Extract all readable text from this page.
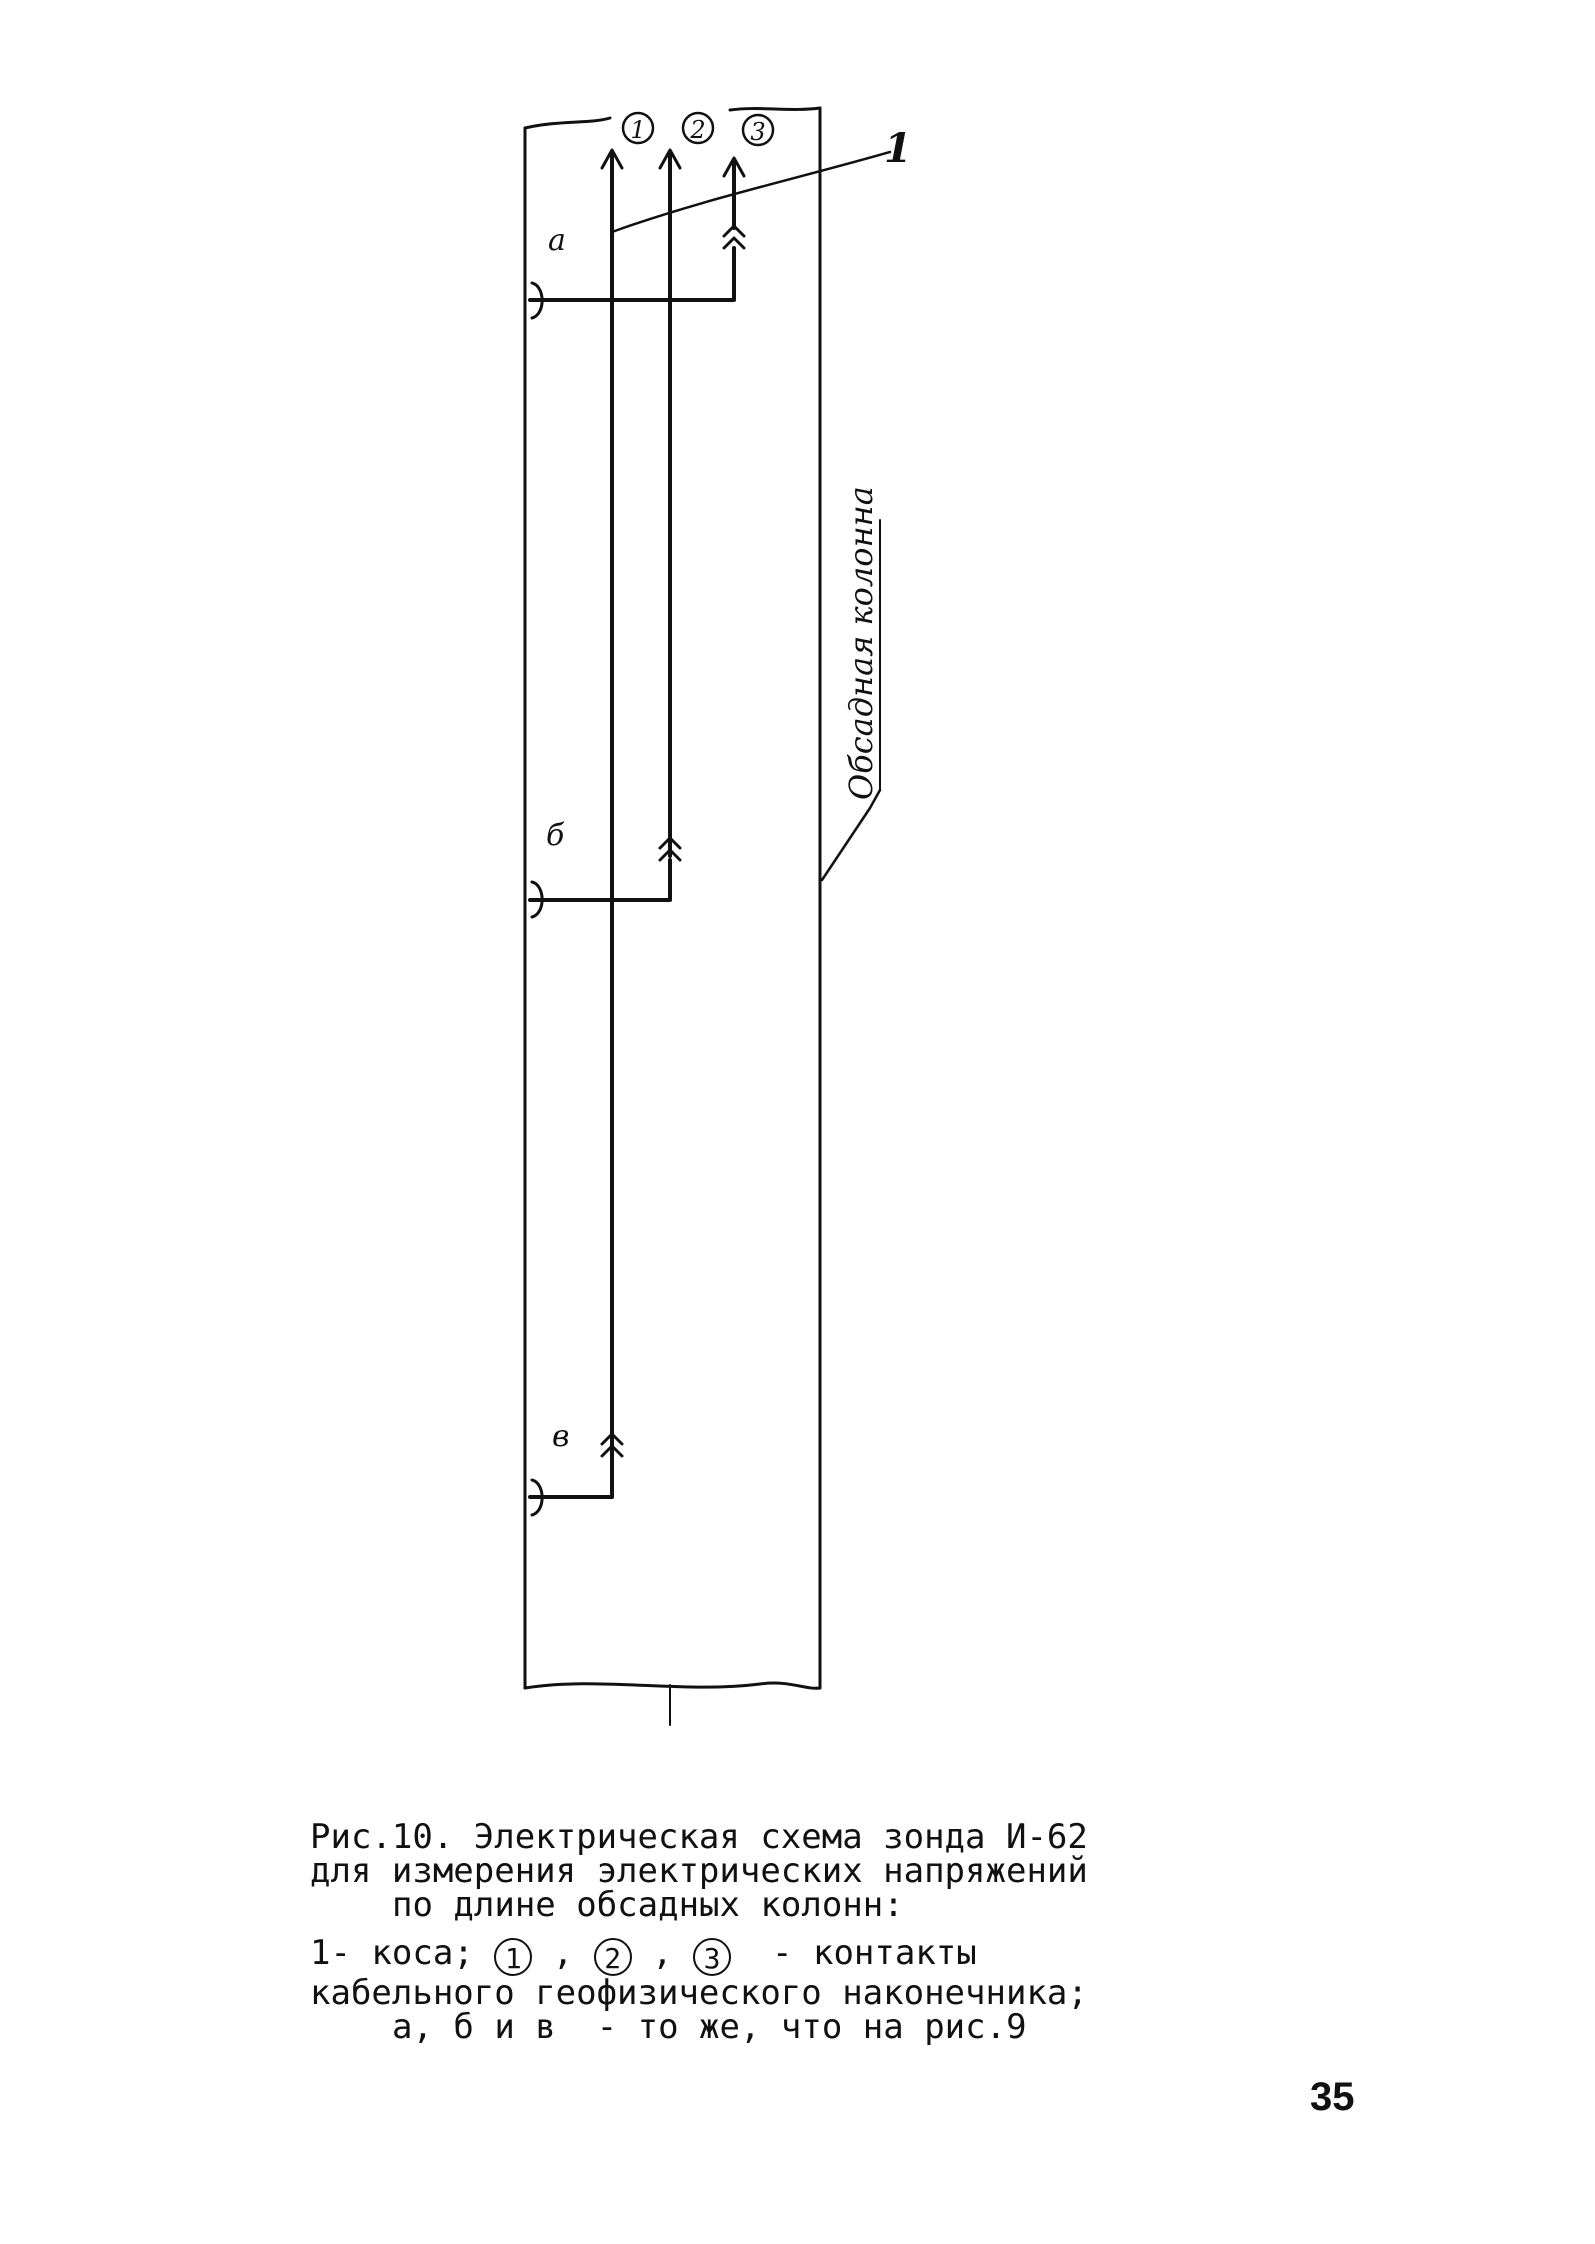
1 2 3	1
а
б
в
Обсадная колонна
Рис.10. Электрическая схема зонда И-62
для измерения электрических напряжений
по длине обсадных колонн:
1- коса; 1 , 2 , 3 - контакты
кабельного геофизического наконечника;
а, б и в  - то же, что на рис.9
35
